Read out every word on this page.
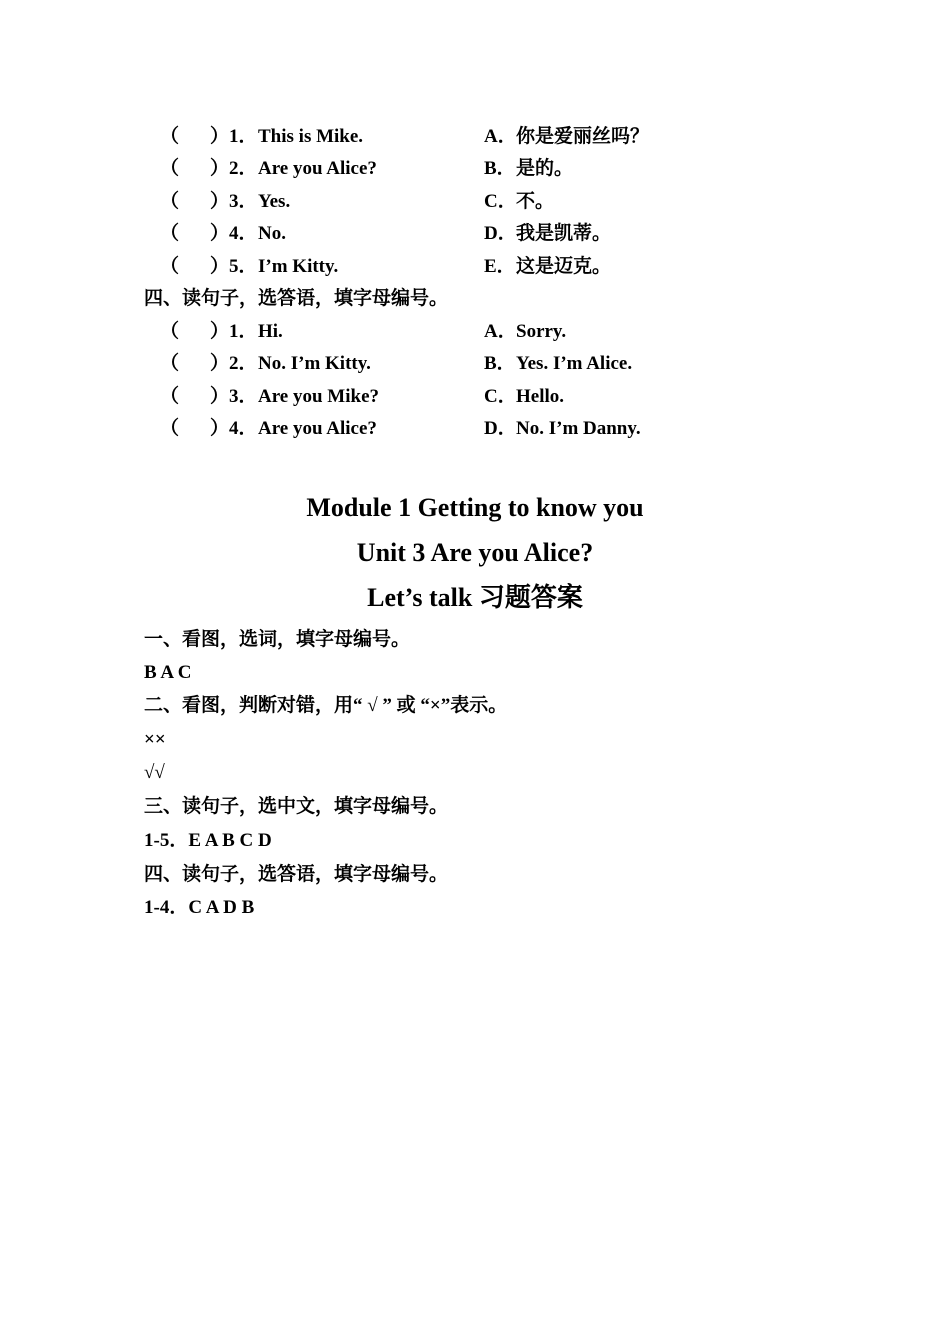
（ ） 1． This is Mike.	A． 你是爱丽丝吗？
（ ） 2． Are you Alice?	B． 是的。
（ ） 3． Yes.	C． 不。
（ ） 4． No.	D． 我是凯蒂。
（ ） 5． I’m Kitty.	E． 这是迈克。
四、读句子，选答语，填字母编号。
（ ） 1． Hi.	A． Sorry.
（ ） 2． No. I’m Kitty.	B． Yes. I’m Alice.
（ ） 3． Are you Mike?	C． Hello.
（ ） 4． Are you Alice?	D． No. I’m Danny.
Module 1 Getting to know you
Unit 3 Are you Alice?
Let’s talk 习题答案
一、看图，选词，填字母编号。
B A C
二、看图，判断对错，用“ √ ” 或 “×”表示。
××
√√
三、读句子，选中文，填字母编号。
1-5．E A B C D
四、读句子，选答语，填字母编号。
1-4．C A D B
